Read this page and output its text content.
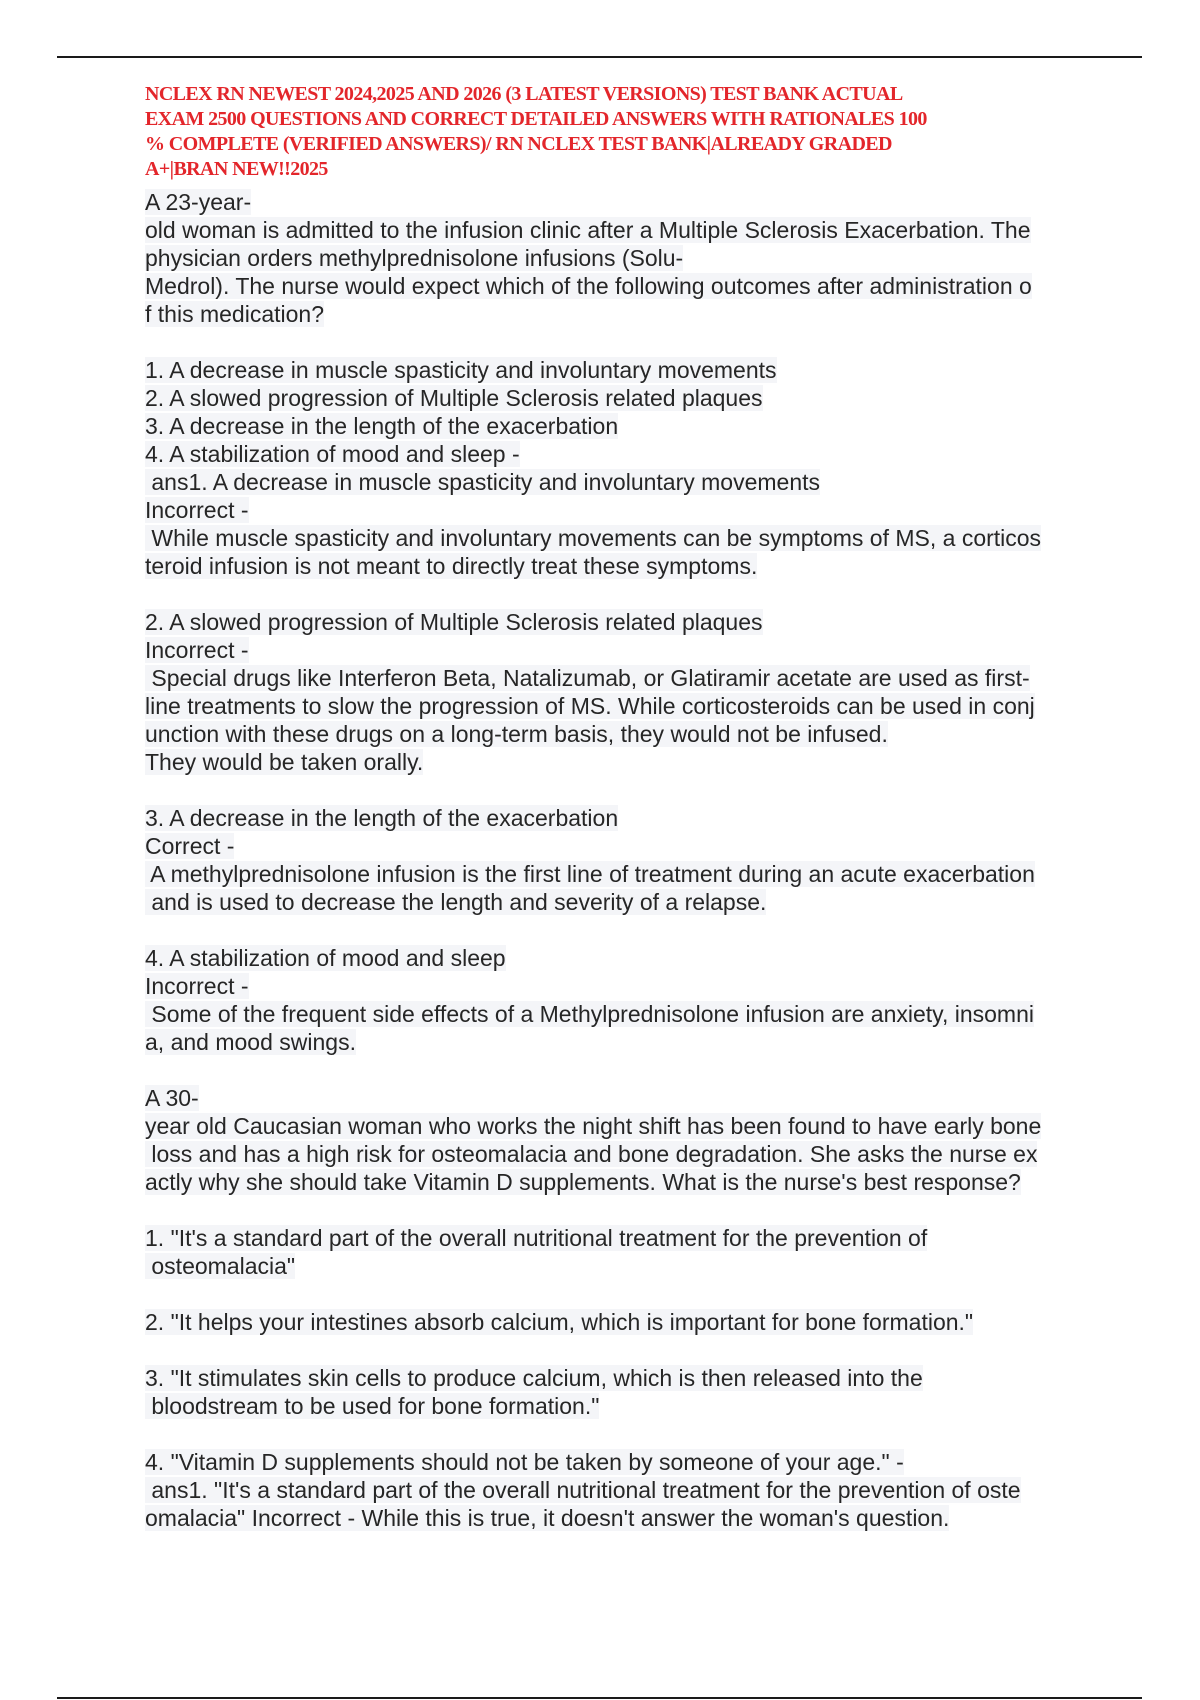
NCLEX RN NEWEST 2024,2025 AND 2026 (3 LATEST VERSIONS) TEST BANK ACTUAL
EXAM 2500 QUESTIONS AND CORRECT DETAILED ANSWERS WITH RATIONALES 100
% COMPLETE (VERIFIED ANSWERS)/ RN NCLEX TEST BANK|ALREADY GRADED
A+|BRAN NEW!!2025
A 23-year-
old woman is admitted to the infusion clinic after a Multiple Sclerosis Exacerbation. The
physician orders methylprednisolone infusions (Solu-
Medrol). The nurse would expect which of the following outcomes after administration o
f this medication?
1. A decrease in muscle spasticity and involuntary movements
2. A slowed progression of Multiple Sclerosis related plaques
3. A decrease in the length of the exacerbation
4. A stabilization of mood and sleep -
ans1. A decrease in muscle spasticity and involuntary movements
Incorrect -
While muscle spasticity and involuntary movements can be symptoms of MS, a corticos
teroid infusion is not meant to directly treat these symptoms.
2. A slowed progression of Multiple Sclerosis related plaques
Incorrect -
Special drugs like Interferon Beta, Natalizumab, or Glatiramir acetate are used as first-
line treatments to slow the progression of MS. While corticosteroids can be used in conj
unction with these drugs on a long-term basis, they would not be infused.
They would be taken orally.
3. A decrease in the length of the exacerbation
Correct -
A methylprednisolone infusion is the first line of treatment during an acute exacerbation
and is used to decrease the length and severity of a relapse.
4. A stabilization of mood and sleep
Incorrect -
Some of the frequent side effects of a Methylprednisolone infusion are anxiety, insomni
a, and mood swings.
A 30-
year old Caucasian woman who works the night shift has been found to have early bone
loss and has a high risk for osteomalacia and bone degradation. She asks the nurse ex
actly why she should take Vitamin D supplements. What is the nurse's best response?
1. "It's a standard part of the overall nutritional treatment for the prevention of
osteomalacia"
2. "It helps your intestines absorb calcium, which is important for bone formation."
3. "It stimulates skin cells to produce calcium, which is then released into the
bloodstream to be used for bone formation."
4. "Vitamin D supplements should not be taken by someone of your age." -
ans1. "It's a standard part of the overall nutritional treatment for the prevention of oste
omalacia" Incorrect - While this is true, it doesn't answer the woman's question.
